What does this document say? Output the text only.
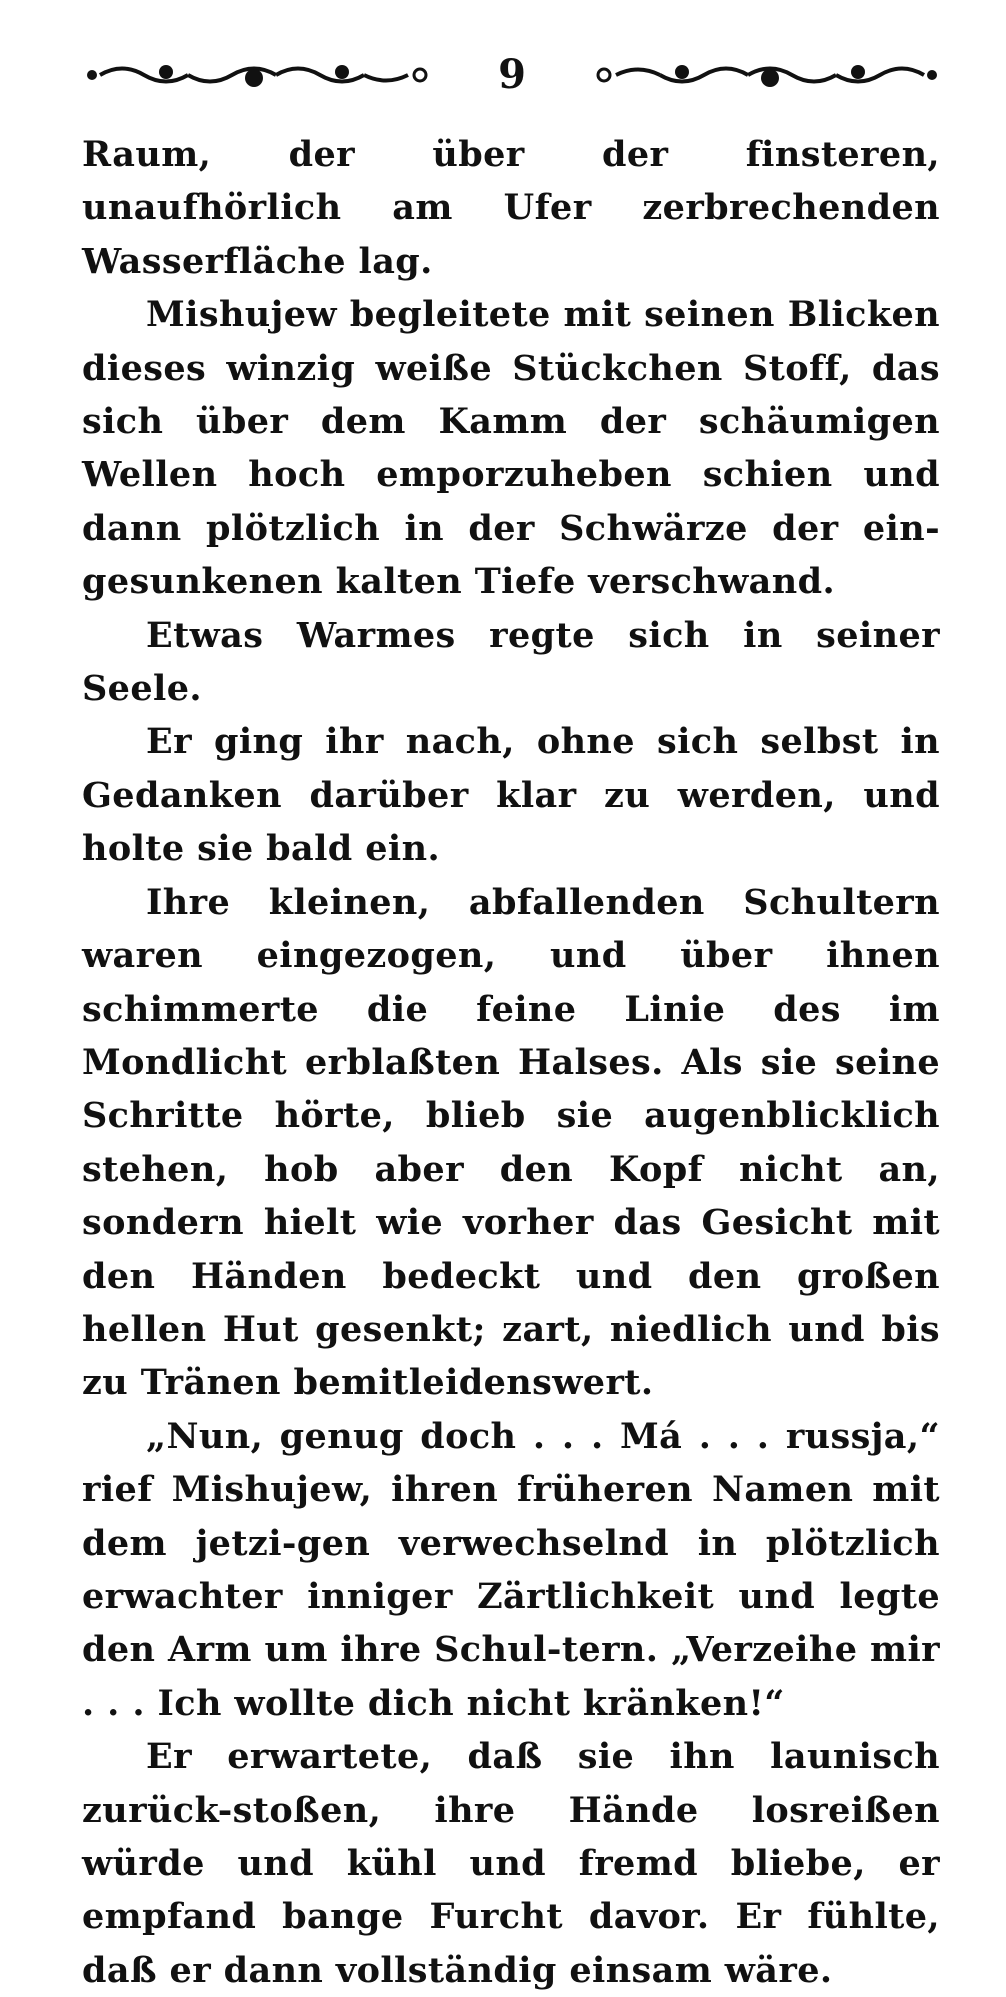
9

Raum, der über der finsteren, unaufhörlich am Ufer zerbrechenden Wasserfläche lag.

Mishujew begleitete mit seinen Blicken dieses winzig weiße Stückchen Stoff, das sich über dem Kamm der schäumigen Wellen hoch emporzuheben schien und dann plötzlich in der Schwärze der ein-gesunkenen kalten Tiefe verschwand.

Etwas Warmes regte sich in seiner Seele.

Er ging ihr nach, ohne sich selbst in Gedanken darüber klar zu werden, und holte sie bald ein.

Ihre kleinen, abfallenden Schultern waren eingezogen, und über ihnen schimmerte die feine Linie des im Mondlicht erblaßten Halses. Als sie seine Schritte hörte, blieb sie augenblicklich stehen, hob aber den Kopf nicht an, sondern hielt wie vorher das Gesicht mit den Händen bedeckt und den großen hellen Hut gesenkt; zart, niedlich und bis zu Tränen bemitleidenswert.

„Nun, genug doch . . . Má . . . russja,“ rief Mishujew, ihren früheren Namen mit dem jetzi-gen verwechselnd in plötzlich erwachter inniger Zärtlichkeit und legte den Arm um ihre Schul-tern. „Verzeihe mir . . . Ich wollte dich nicht kränken!“

Er erwartete, daß sie ihn launisch zurück-stoßen, ihre Hände losreißen würde und kühl und fremd bliebe, er empfand bange Furcht davor. Er fühlte, daß er dann vollständig einsam wäre.
